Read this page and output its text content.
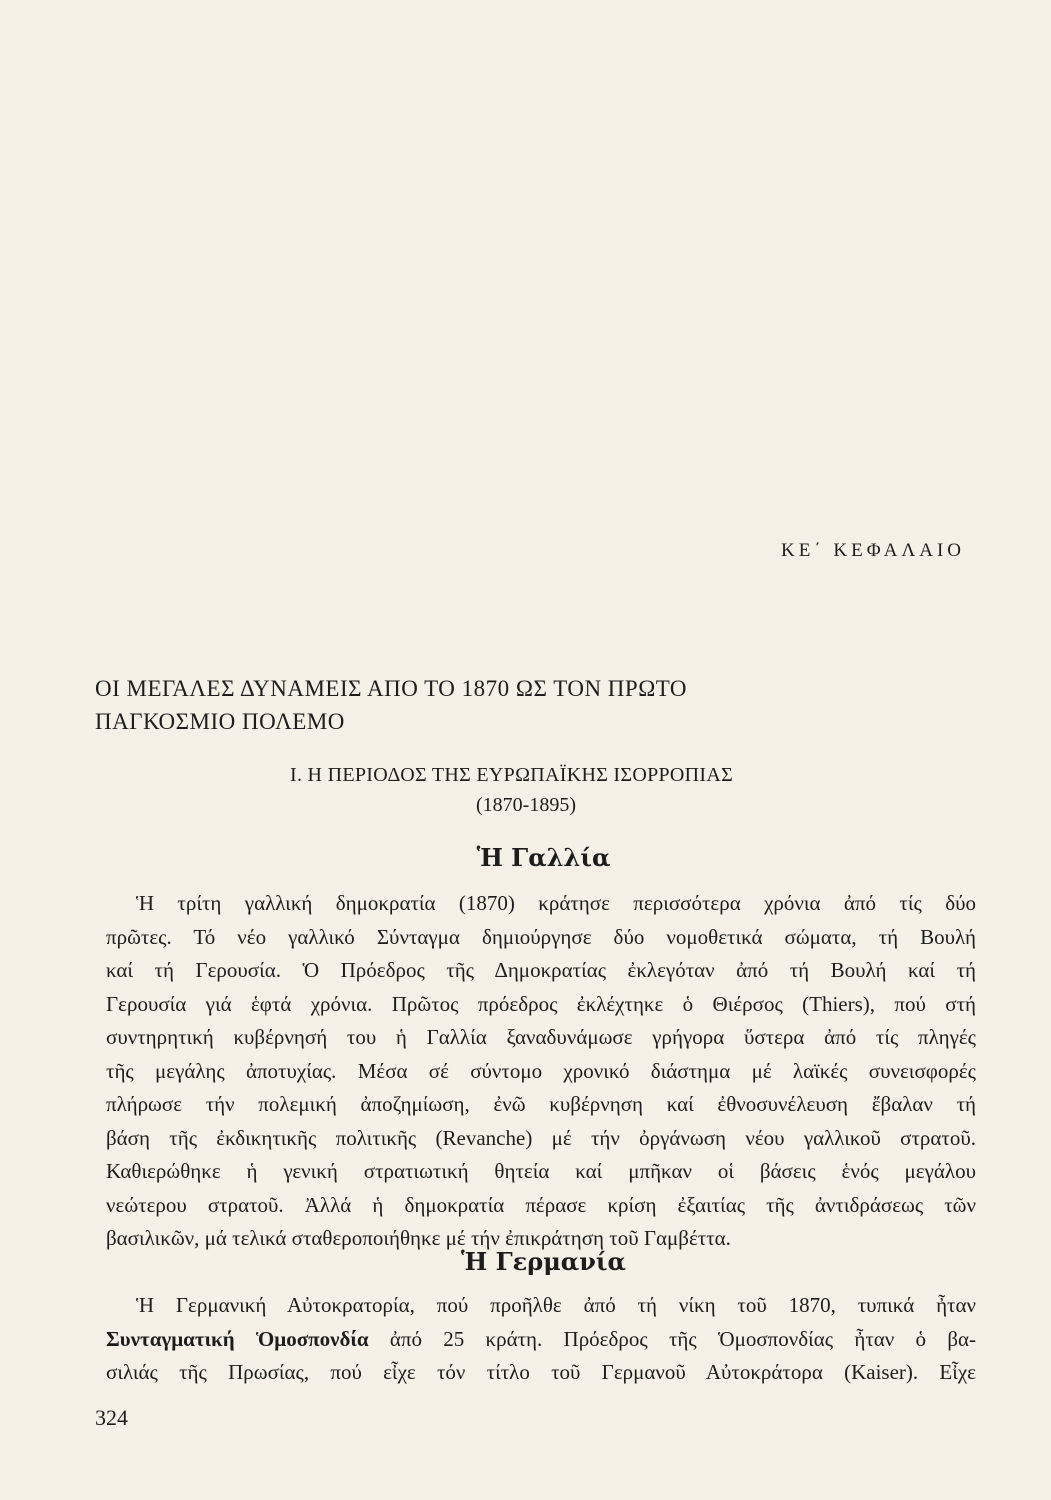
ΚΕ΄ ΚΕΦΑΛΑΙΟ
ΟΙ ΜΕΓΑΛΕΣ ΔΥΝΑΜΕΙΣ ΑΠΟ ΤΟ 1870 ΩΣ ΤΟΝ ΠΡΩΤΟ
ΠΑΓΚΟΣΜΙΟ ΠΟΛΕΜΟ
Ι. Η ΠΕΡΙΟΔΟΣ ΤΗΣ ΕΥΡΩΠΑΪΚΗΣ ΙΣΟΡΡΟΠΙΑΣ
(1870-1895)
Ἡ Γαλλία
Ἡ τρίτη γαλλική δημοκρατία (1870) κράτησε περισσότερα χρόνια ἀπό τίς δύο
πρῶτες. Τό νέο γαλλικό Σύνταγμα δημιούργησε δύο νομοθετικά σώματα, τή Βουλή
καί τή Γερουσία. Ὁ Πρόεδρος τῆς Δημοκρατίας ἐκλεγόταν ἀπό τή Βουλή καί τή
Γερουσία γιά ἑφτά χρόνια. Πρῶτος πρόεδρος ἐκλέχτηκε ὁ Θιέρσος (Thiers), πού στή
συντηρητική κυβέρνησή του ἡ Γαλλία ξαναδυνάμωσε γρήγορα ὕστερα ἀπό τίς πληγές
τῆς μεγάλης ἀποτυχίας. Μέσα σέ σύντομο χρονικό διάστημα μέ λαϊκές συνεισφορές
πλήρωσε τήν πολεμική ἀποζημίωση, ἐνῶ κυβέρνηση καί ἐθνοσυνέλευση ἔβαλαν τή
βάση τῆς ἐκδικητικῆς πολιτικῆς (Revanche) μέ τήν ὀργάνωση νέου γαλλικοῦ στρατοῦ.
Καθιερώθηκε ἡ γενική στρατιωτική θητεία καί μπῆκαν οἱ βάσεις ἑνός μεγάλου
νεώτερου στρατοῦ. Ἀλλά ἡ δημοκρατία πέρασε κρίση ἐξαιτίας τῆς ἀντιδράσεως τῶν
βασιλικῶν, μά τελικά σταθεροποιήθηκε μέ τήν ἐπικράτηση τοῦ Γαμβέττα.
Ἡ Γερμανία
Ἡ Γερμανική Αὐτοκρατορία, πού προῆλθε ἀπό τή νίκη τοῦ 1870, τυπικά ἦταν
Συνταγματική Ὁμοσπονδία ἀπό 25 κράτη. Πρόεδρος τῆς Ὁμοσπονδίας ἦταν ὁ βα-
σιλιάς τῆς Πρωσίας, πού εἶχε τόν τίτλο τοῦ Γερμανοῦ Αὐτοκράτορα (Kaiser). Εἶχε
324
